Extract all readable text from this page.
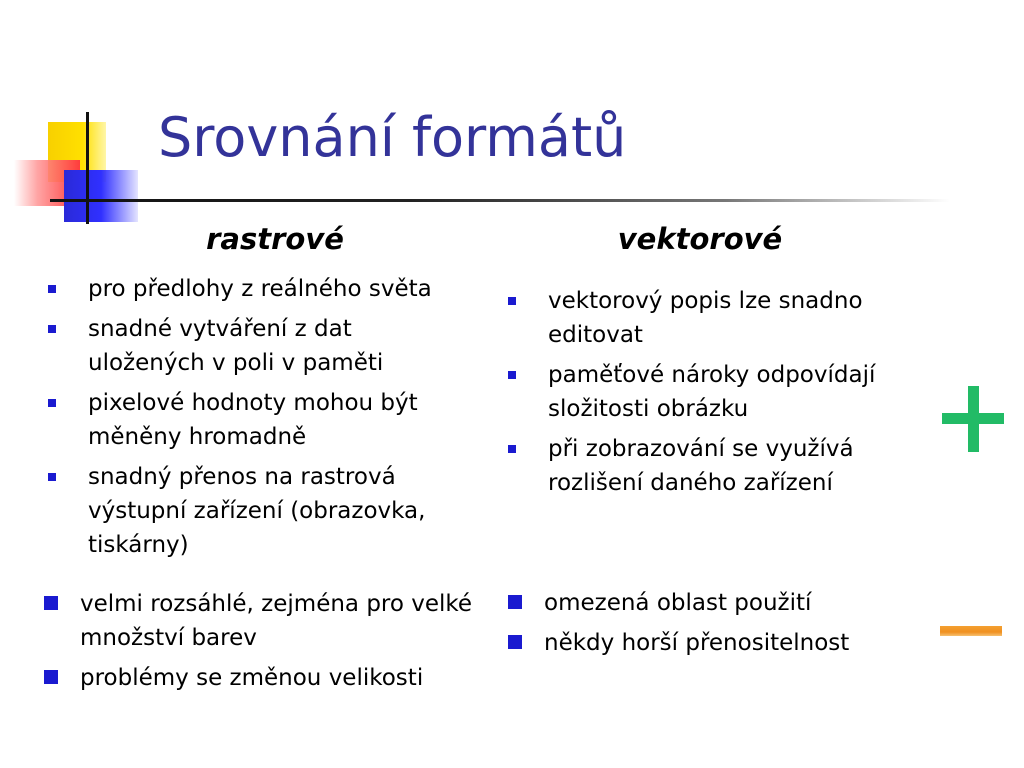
Srovnání formátů
rastrové	vektorové
pro předlohy z reálného světa
snadné vytváření z dat uložených v poli v paměti
pixelové hodnoty mohou být měněny hromadně
snadný přenos na rastrová výstupní zařízení (obrazovka, tiskárny)
vektorový popis lze snadno editovat
paměťové nároky odpovídají složitosti obrázku
při zobrazování se využívá rozlišení daného zařízení
velmi rozsáhlé, zejména pro velké množství barev
problémy se změnou velikosti
omezená oblast použití
někdy horší přenositelnost
